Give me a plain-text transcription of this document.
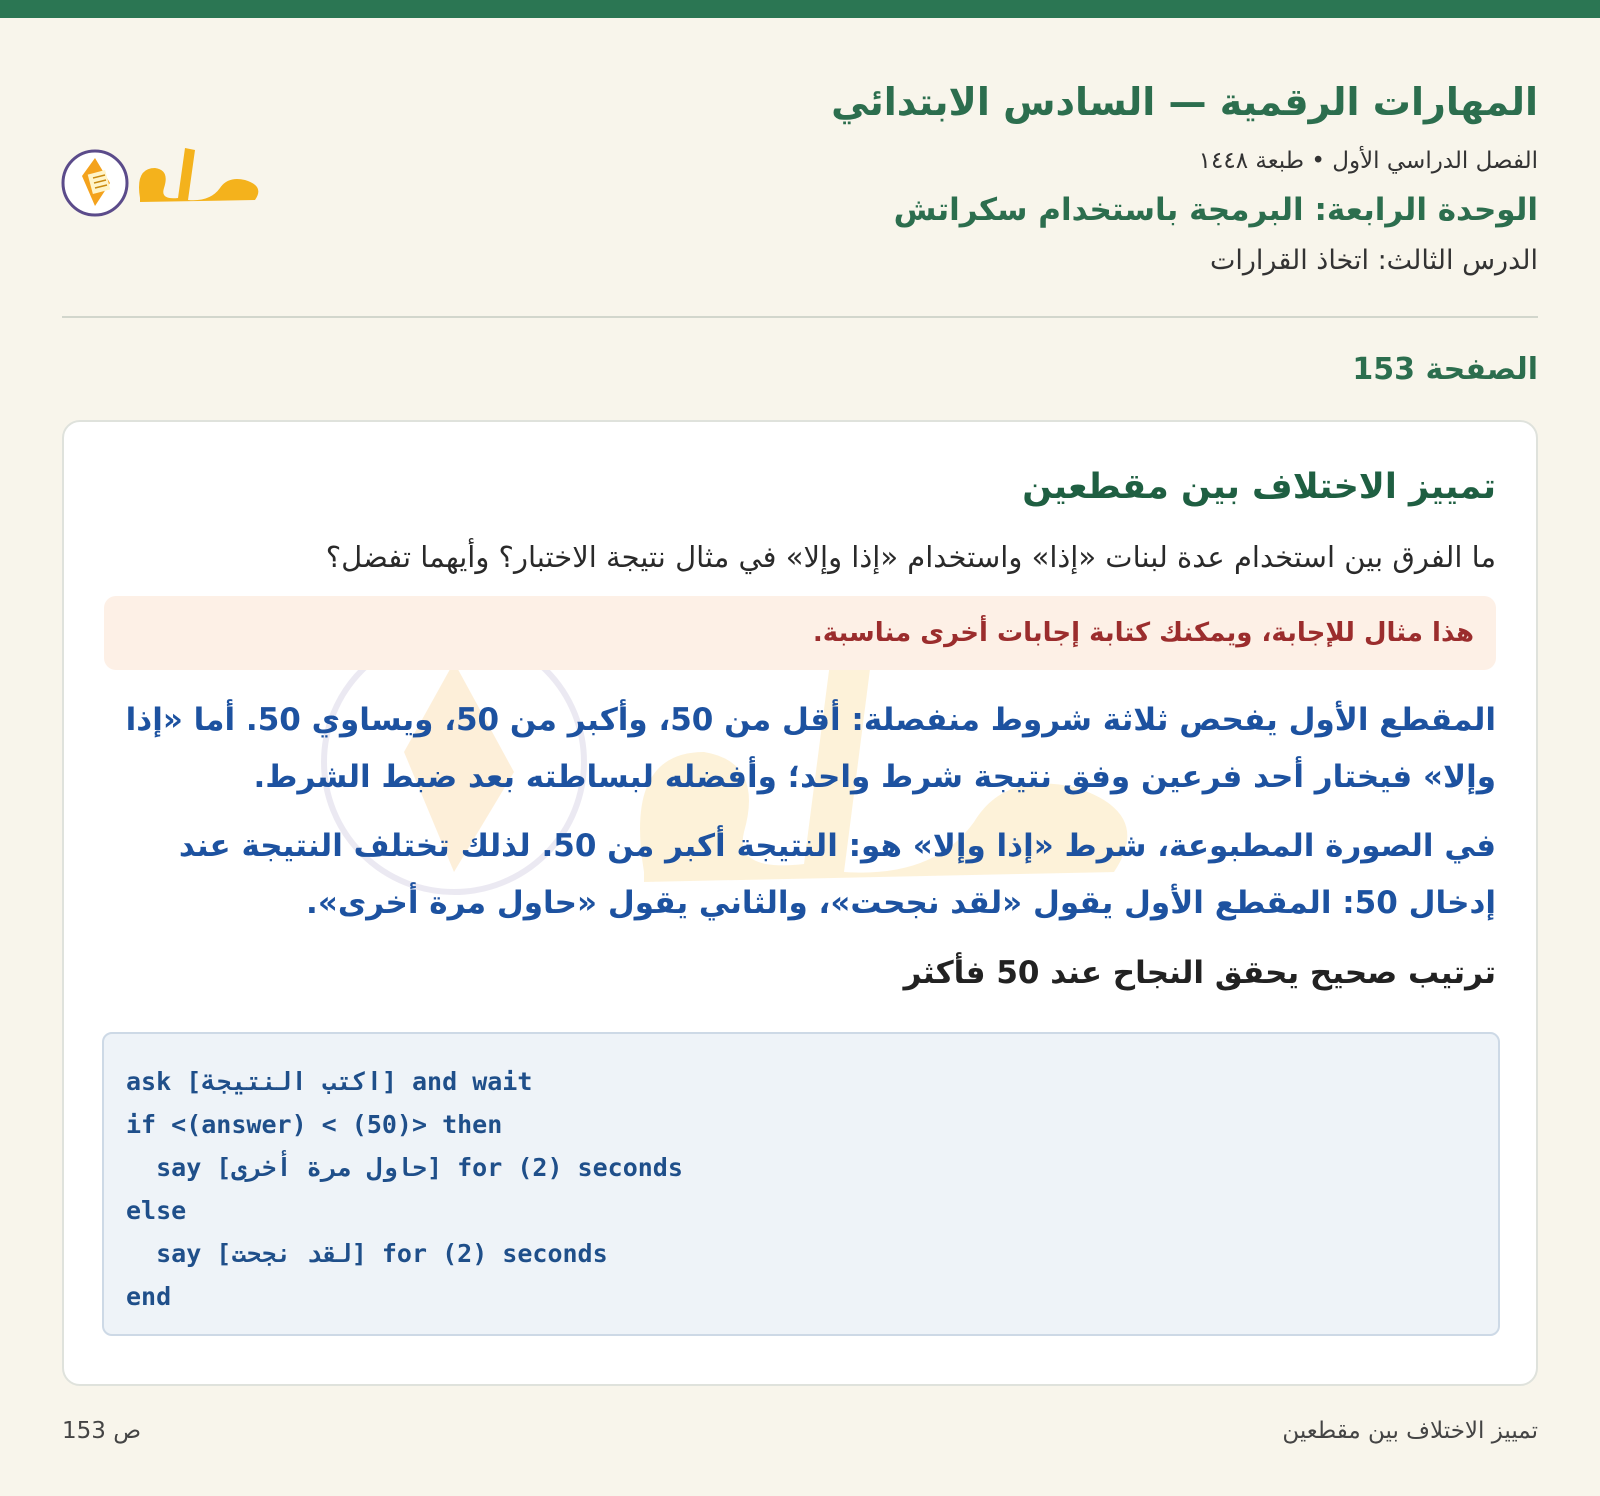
المهارات الرقمية — السادس الابتدائي
الفصل الدراسي الأول • طبعة ١٤٤٨
الوحدة الرابعة: البرمجة باستخدام سكراتش
الدرس الثالث: اتخاذ القرارات
الصفحة 153
تمييز الاختلاف بين مقطعين
ما الفرق بين استخدام عدة لبنات «إذا» واستخدام «إذا وإلا» في مثال نتيجة الاختبار؟ وأيهما تفضل؟
هذا مثال للإجابة، ويمكنك كتابة إجابات أخرى مناسبة.
المقطع الأول يفحص ثلاثة شروط منفصلة: أقل من 50، وأكبر من 50، ويساوي 50. أما «إذا وإلا» فيختار أحد فرعين وفق نتيجة شرط واحد؛ وأفضله لبساطته بعد ضبط الشرط.
في الصورة المطبوعة، شرط «إذا وإلا» هو: النتيجة أكبر من 50. لذلك تختلف النتيجة عند إدخال 50: المقطع الأول يقول «لقد نجحت»، والثاني يقول «حاول مرة أخرى».
ترتيب صحيح يحقق النجاح عند 50 فأكثر
ask [اكتب النتيجة] and wait
if <(answer) < (50)> then
say [حاول مرة أخرى] for (2) seconds
else
say [لقد نجحت] for (2) seconds
end
ص 153	تمييز الاختلاف بين مقطعين
